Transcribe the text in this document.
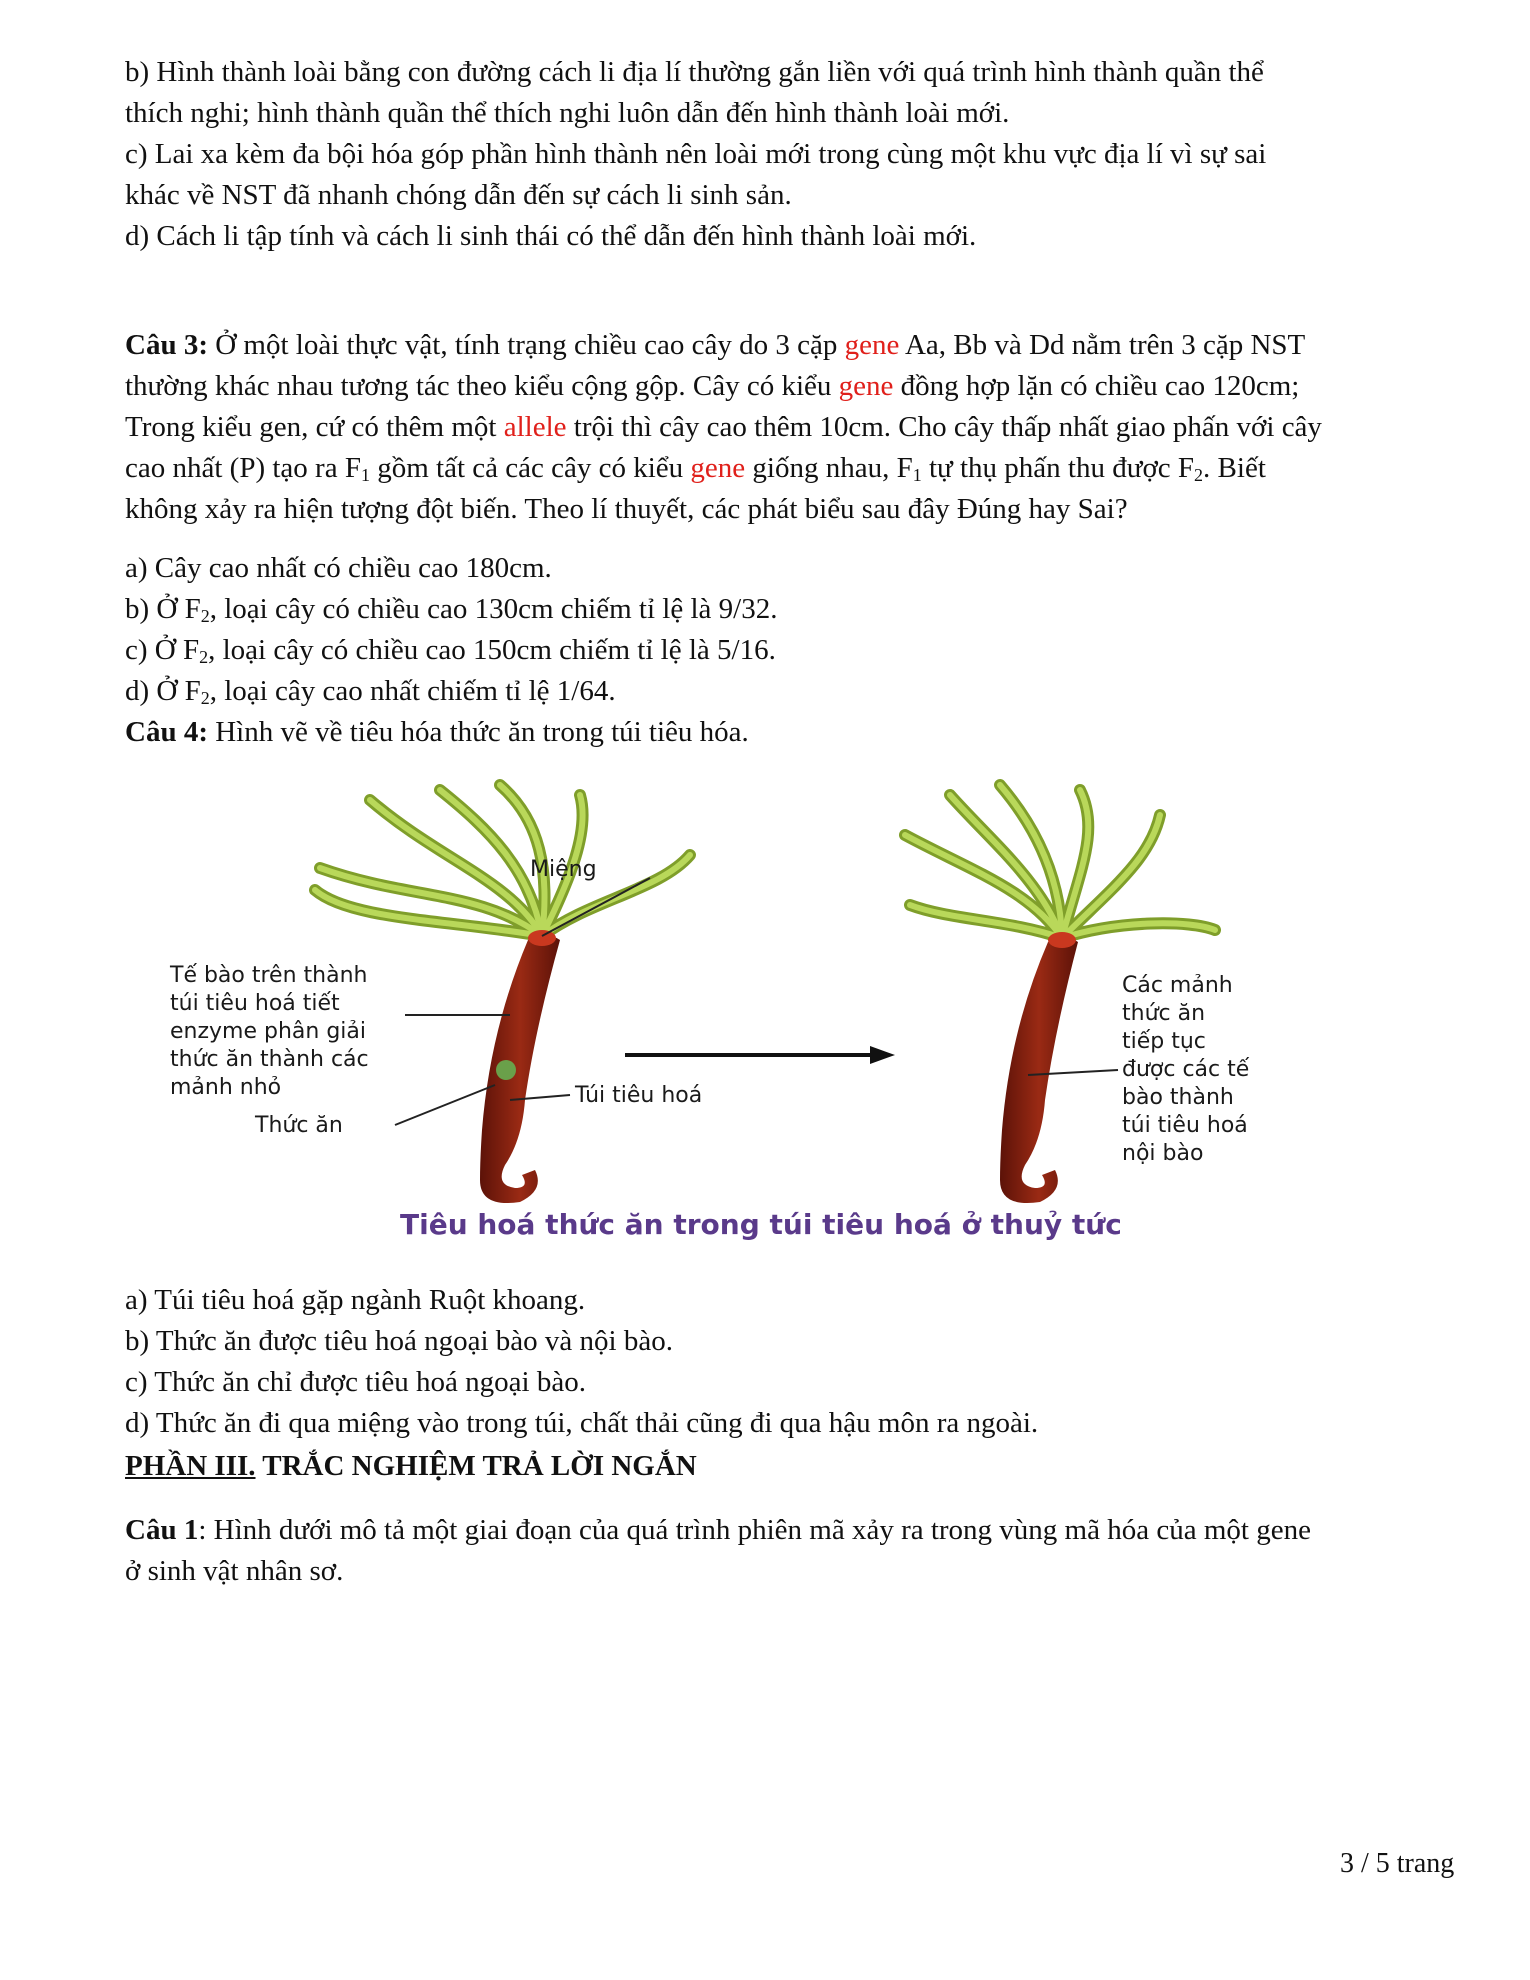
b) Hình thành loài bằng con đường cách li địa lí thường gắn liền với quá trình hình thành quần thể
thích nghi; hình thành quần thể thích nghi luôn dẫn đến hình thành loài mới.
c) Lai xa kèm đa bội hóa góp phần hình thành nên loài mới trong cùng một khu vực địa lí vì sự sai
khác về NST đã nhanh chóng dẫn đến sự cách li sinh sản.
d) Cách li tập tính và cách li sinh thái có thể dẫn đến hình thành loài mới.
Câu 3: Ở một loài thực vật, tính trạng chiều cao cây do 3 cặp gene Aa, Bb và Dd nằm trên 3 cặp NST
thường khác nhau tương tác theo kiểu cộng gộp. Cây có kiểu gene đồng hợp lặn có chiều cao 120cm;
Trong kiểu gen, cứ có thêm một allele trội thì cây cao thêm 10cm. Cho cây thấp nhất giao phấn với cây
cao nhất (P) tạo ra $F_1$ gồm tất cả các cây có kiểu gene giống nhau, $F_1$ tự thụ phấn thu được $F_2$. Biết
không xảy ra hiện tượng đột biến. Theo lí thuyết, các phát biểu sau đây Đúng hay Sai?
a) Cây cao nhất có chiều cao 180cm.
b) Ở $F_2$, loại cây có chiều cao 130cm chiếm tỉ lệ là 9/32.
c) Ở $F_2$, loại cây có chiều cao 150cm chiếm tỉ lệ là 5/16.
d) Ở $F_2$, loại cây cao nhất chiếm tỉ lệ 1/64.
Câu 4: Hình vẽ về tiêu hóa thức ăn trong túi tiêu hóa.
Miệng
Tế bào trên thành
túi tiêu hoá tiết
enzyme phân giải
thức ăn thành các
mảnh nhỏ
Thức ăn
Túi tiêu hoá
Các mảnh
thức ăn
tiếp tục
được các tế
bào thành
túi tiêu hoá
nội bào
Tiêu hoá thức ăn trong túi tiêu hoá ở thuỷ tức
a) Túi tiêu hoá gặp ngành Ruột khoang.
b) Thức ăn được tiêu hoá ngoại bào và nội bào.
c) Thức ăn chỉ được tiêu hoá ngoại bào.
d) Thức ăn đi qua miệng vào trong túi, chất thải cũng đi qua hậu môn ra ngoài.
PHẦN III. TRẮC NGHIỆM TRẢ LỜI NGẮN
Câu 1: Hình dưới mô tả một giai đoạn của quá trình phiên mã xảy ra trong vùng mã hóa của một gene
ở sinh vật nhân sơ.
3 / 5 trang
